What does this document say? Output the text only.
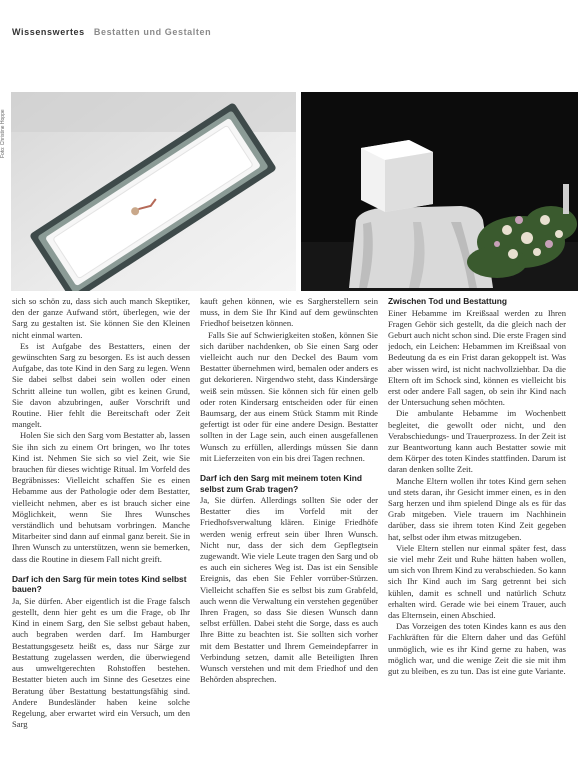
Wissenswertes Bestatten und Gestalten
Foto: Christine Hoppe

sich so schön zu, dass sich auch manch Skeptiker, den der ganze Aufwand stört, überlegen, wie der Sarg zu gestalten ist. Sie können Sie den Kleinen nicht einmal warten.

Es ist Aufgabe des Bestatters, einen der gewünschten Sarg zu besorgen. Es ist auch dessen Aufgabe, das tote Kind in den Sarg zu legen. Wenn Sie dabei selbst dabei sein wollen oder einen Schritt alleine tun wollen, gibt es keinen Grund, Sie davon abzubringen, außer Vorschrift und Routine. Hier fehlt die Bereitschaft oder Zeit mangelt.

Holen Sie sich den Sarg vom Bestatter ab, lassen Sie ihn sich zu einem Ort bringen, wo Ihr totes Kind ist. Nehmen Sie sich so viel Zeit, wie Sie brauchen für dieses wichtige Ritual. Im Vorfeld des Begräbnisses: Vielleicht schaffen Sie es einen Hebamme aus der Pathologie oder dem Bestatter, vielleicht nehmen, aber es ist brauch sicher eine Möglichkeit, wenn Sie Ihres Wunsches verständlich und behutsam vorbringen. Manche Mitarbeiter sind dann auf einmal ganz bereit. Sie in Ihren Wunsch zu unterstützen, wenn sie bemerken, dass die Routine in diesem Fall nicht greift.

Darf ich den Sarg für mein totes Kind selbst bauen?

Ja, Sie dürfen. Aber eigentlich ist die Frage falsch gestellt, denn hier geht es um die Frage, ob Ihr Kind in einem Sarg, den Sie selbst gebaut haben, auch begraben werden darf. Im Hamburger Bestattungsgesetz heißt es, dass nur Särge zur Bestattung zugelassen werden, die überwiegend aus umweltgerechten Rohstoffen bestehen. Bestatter bieten auch im Sinne des Gesetzes eine Beratung über Bestattung bestattungsfähig sind. Andere Bundesländer haben keine solche Regelung, aber erwartet wird ein Versuch, um den Sarg

kauft gehen können, wie es Sargherstellern sein muss, in dem Sie Ihr Kind auf dem gewünschten Friedhof beisetzen können.

Falls Sie auf Schwierigkeiten stoßen, können Sie sich darüber nachdenken, ob Sie einen Sarg oder vielleicht auch nur den Deckel des Baum vom Bestatter übernehmen wird, bemalen oder anders es gut dekorieren. Nirgendwo steht, dass Kindersärge weiß sein müssen. Sie können sich für einen gelb oder roten Kindersarg entscheiden oder für einen Baumsarg, der aus einem Stück Stamm mit Rinde gefertigt ist oder für eine andere Design. Bestatter sollten in der Lage sein, auch einen ausgefallenen Wunsch zu erfüllen, allerdings müssen Sie dann mit Lieferzeiten von ein bis drei Tagen rechnen.

Darf ich den Sarg mit meinem toten Kind selbst zum Grab tragen?

Ja, Sie dürfen. Allerdings sollten Sie oder der Bestatter dies im Vorfeld mit der Friedhofsverwaltung klären. Einige Friedhöfe werden wenig erfreut sein über Ihren Wunsch. Nicht nur, dass der sich dem Gepflegtsein zugewandt. Wie viele Leute tragen den Sarg und ob es auch ein sicheres Weg ist. Das ist ein Sensible Ereignis, das eben Sie Fehler vorrüber-Stürzen. Vielleicht schaffen Sie es selbst bis zum Grabfeld, auch wenn die Verwaltung ein verstehen gegenüber Ihren Fragen, so dass Sie diesen Wunsch dann selbst erfüllen. Dabei steht die Sorge, dass es auch Ihre Bitte zu beachten ist. Sie sollten sich vorher mit dem Bestatter und Ihrem Gemeindepfarrer in Verbindung setzen, damit alle Beteiligten Ihren Wunsch verstehen und mit dem Friedhof und den Behörden absprechen.

Zwischen Tod und Bestattung

Einer Hebamme im Kreißsaal werden zu Ihren Fragen Gehör sich gestellt, da die gleich nach der Geburt auch nicht schon sind. Die erste Fragen sind jedoch, ein Leichen: Hebammen im Kreißsaal von Bedeutung da es ein Frist daran gekoppelt ist. Was aber wissen wird, ist nicht nachvollziehbar. Da die Eltern oft im Schock sind, können es vielleicht bis erst oder andere Fall sagen, ob sein ihr Kind nach der Untersuchung sehen möchten.

Die ambulante Hebamme im Wochenbett begleitet, die gewollt oder nicht, und den Verabschiedungs- und Trauerprozess. In der Zeit ist zur Beantwortung kann auch Bestatter sowie mit dem Körper des toten Kindes stattfinden. Darum ist daran denken sollte Zeit.

Manche Eltern wollen ihr totes Kind gern sehen und stets daran, ihr Gesicht immer einen, es in den Sarg herzen und ihm spielend Dinge als es für das Grab mitgeben. Viele trauern im Nachhinein darüber, dass sie ihrem toten Kind Zeit gegeben hat, selbst oder ihm etwas mitzugeben.

Viele Eltern stellen nur einmal später fest, dass sie viel mehr Zeit und Ruhe hätten haben wollen, um sich von Ihrem Kind zu verabschieden. So kann sich Ihr Kind auch im Sarg getrennt bei sich kühlen, damit es schnell und natürlich Schutz erhalten wird. Gerade wie bei einem Trauer, auch das Elternsein, einen Abschied.

Das Vorzeigen des toten Kindes kann es aus den Fachkräften für die Eltern daher und das Gefühl unmöglich, wie es ihr Kind gerne zu haben, was möglich war, und die wenige Zeit die sie mit ihm gut zu bleiben, es zu tun. Das ist eine gute Variante.
